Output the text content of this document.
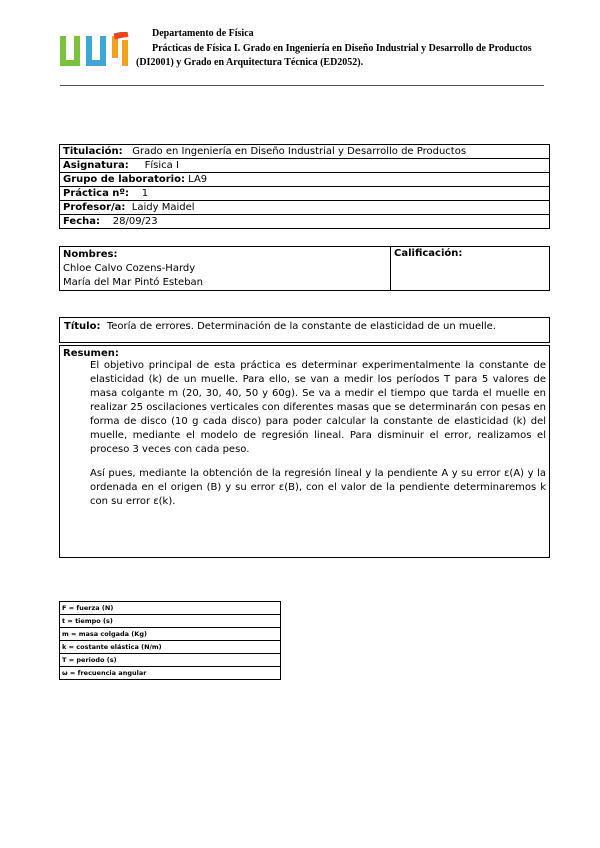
Departamento de Física
Prácticas de Física I. Grado en Ingeniería en Diseño Industrial y Desarrollo de Productos
(DI2001) y Grado en Arquitectura Técnica (ED2052).
Titulación: Grado en Ingeniería en Diseño Industrial y Desarrollo de Productos
Asignatura: Física I
Grupo de laboratorio: LA9
Práctica nº: 1
Profesor/a: Laidy Maidel
Fecha: 28/09/23
Nombres:
Chloe Calvo Cozens-Hardy
María del Mar Pintó Esteban
Calificación:
Título: Teoría de errores. Determinación de la constante de elasticidad de un muelle.
Resumen:

El objetivo principal de esta práctica es determinar experimentalmente la constante de elasticidad (k) de un muelle. Para ello, se van a medir los períodos T para 5 valores de masa colgante m (20, 30, 40, 50 y 60g). Se va a medir el tiempo que tarda el muelle en realizar 25 oscilaciones verticales con diferentes masas que se determinarán con pesas en forma de disco (10 g cada disco) para poder calcular la constante de elasticidad (k) del muelle, mediante el modelo de regresión lineal. Para disminuir el error, realizamos el proceso 3 veces con cada peso.

Así pues, mediante la obtención de la regresión lineal y la pendiente A y su error ε(A) y la ordenada en el origen (B) y su error ε(B), con el valor de la pendiente determinaremos k con su error ε(k).

F = fuerza (N)
t = tiempo (s)
m = masa colgada (Kg)
k = costante elástica (N/m)
T = periodo (s)
ω = frecuencia angular
